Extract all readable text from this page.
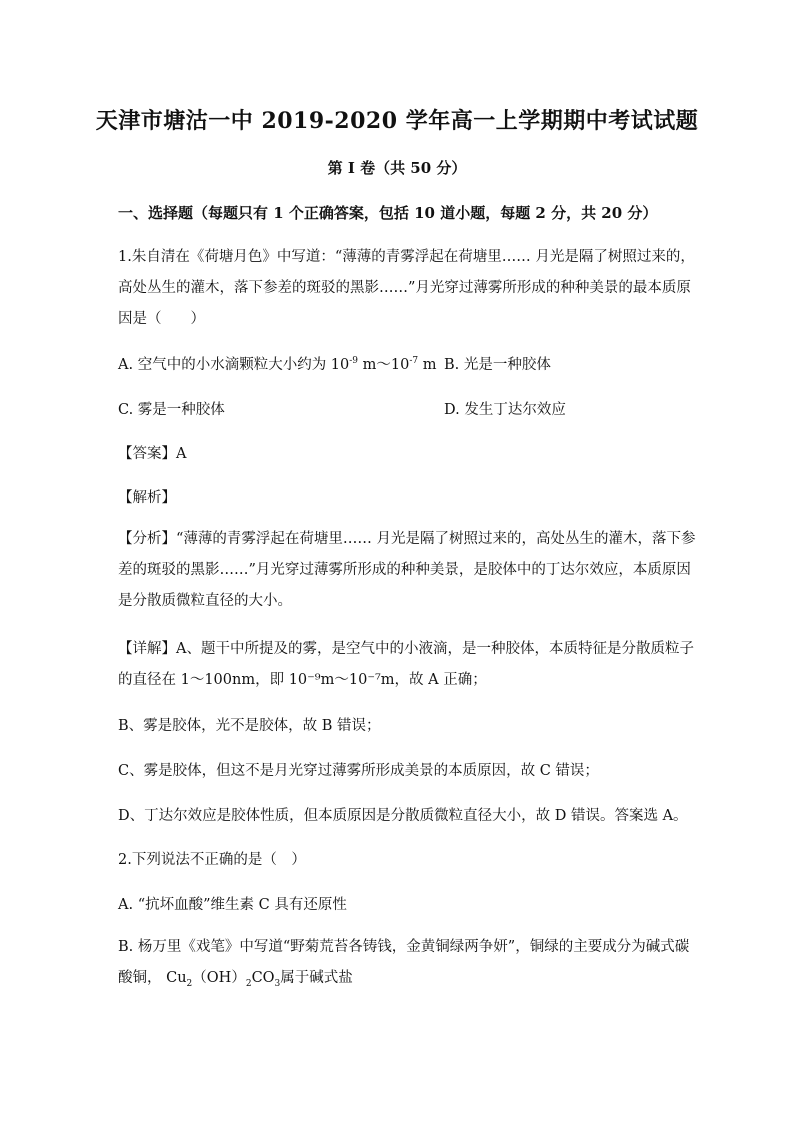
天津市塘沽一中 2019-2020 学年高一上学期期中考试试题
第 I 卷（共 50 分）
一、选择题（每题只有 1 个正确答案，包括 10 道小题，每题 2 分，共 20 分）
1.朱自清在《荷塘月色》中写道：“薄薄的青雾浮起在荷塘里…… 月光是隔了树照过来的，
高处丛生的灌木，落下参差的斑驳的黑影……”月光穿过薄雾所形成的种种美景的最本质原
因是（　　）
A. 空气中的小水滴颗粒大小约为 $10^{-9}$ $m\sim 10^{-7}$ m B. 光是一种胶体
C. 雾是一种胶体	D. 发生丁达尔效应
【答案】A
【解析】
【分析】“薄薄的青雾浮起在荷塘里…… 月光是隔了树照过来的，高处丛生的灌木，落下参
差的斑驳的黑影……”月光穿过薄雾所形成的种种美景，是胶体中的丁达尔效应，本质原因
是分散质微粒直径的大小。
【详解】A、题干中所提及的雾，是空气中的小液滴，是一种胶体，本质特征是分散质粒子
的直径在 1～100nm，即 10⁻⁹m～10⁻⁷m，故 A 正确；
B、雾是胶体，光不是胶体，故 B 错误；
C、雾是胶体，但这不是月光穿过薄雾所形成美景的本质原因，故 C 错误；
D、丁达尔效应是胶体性质，但本质原因是分散质微粒直径大小，故 D 错误。答案选 A。
2.下列说法不正确的是（　）
A. “抗坏血酸”维生素 C 具有还原性
B. 杨万里《戏笔》中写道“野菊荒苔各铸钱，金黄铜绿两争妍”，铜绿的主要成分为碱式碳
酸铜， $Cu_2(OH)_2CO_3$属于碱式盐
